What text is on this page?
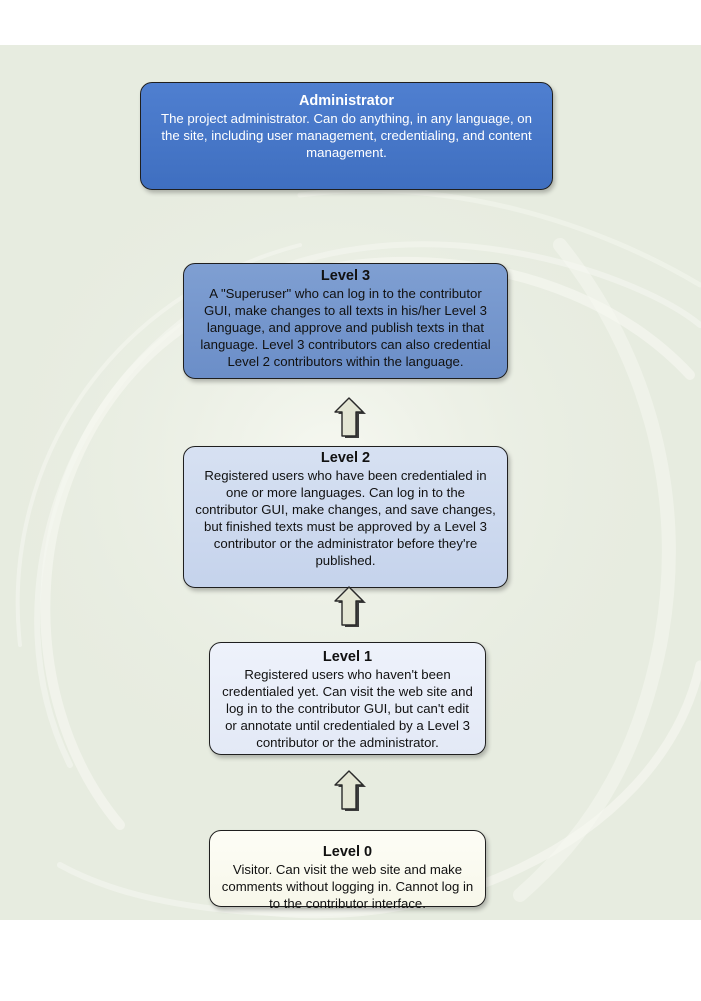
Administrator
The project administrator. Can do anything, in any language, on
the site, including user management, credentialing, and content
management.
Level 3
A "Superuser" who can log in to the contributor
GUI, make changes to all texts in his/her Level 3
language, and approve and publish texts in that
language. Level 3 contributors can also credential
Level 2 contributors within the language.
Level 2
Registered users who have been credentialed in
one or more languages. Can log in to the
contributor GUI, make changes, and save changes,
but finished texts must be approved by a Level 3
contributor or the administrator before they're
published.
Level 1
Registered users who haven't been
credentialed yet. Can visit the web site and
log in to the contributor GUI, but can't edit
or annotate until credentialed by a Level 3
contributor or the administrator.
Level 0
Visitor. Can visit the web site and make
comments without logging in. Cannot log in
to the contributor interface.
